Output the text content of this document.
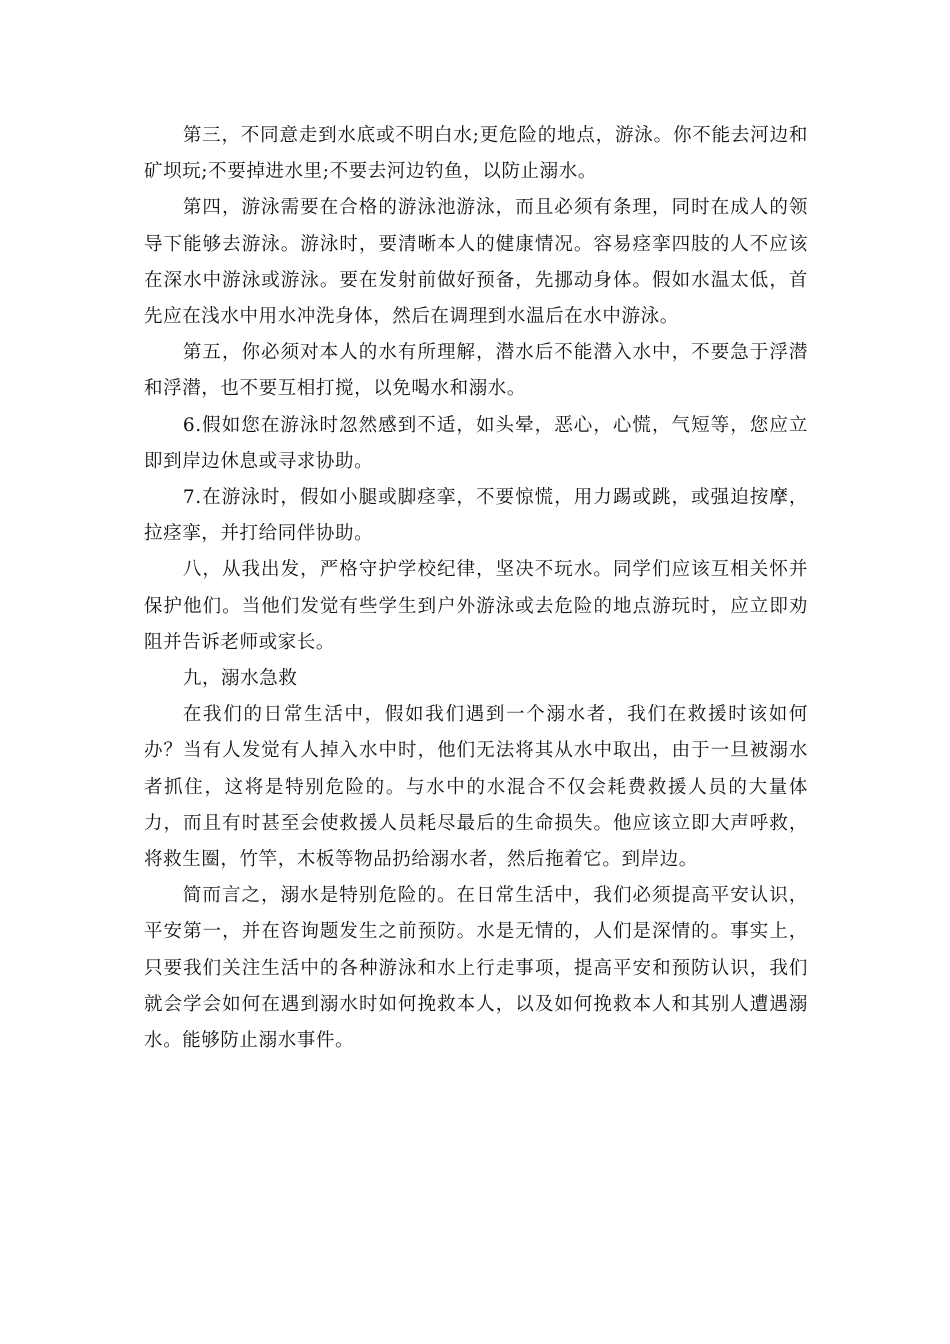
第三，不同意走到水底或不明白水;更危险的地点，游泳。你不能去河边和矿坝玩;不要掉进水里;不要去河边钓鱼，以防止溺水。

第四，游泳需要在合格的游泳池游泳，而且必须有条理，同时在成人的领导下能够去游泳。游泳时，要清晰本人的健康情况。容易痉挛四肢的人不应该在深水中游泳或游泳。要在发射前做好预备，先挪动身体。假如水温太低，首先应在浅水中用水冲洗身体，然后在调理到水温后在水中游泳。

第五，你必须对本人的水有所理解，潜水后不能潜入水中，不要急于浮潜和浮潜，也不要互相打搅，以免喝水和溺水。

6.假如您在游泳时忽然感到不适，如头晕，恶心，心慌，气短等，您应立即到岸边休息或寻求协助。

7.在游泳时，假如小腿或脚痉挛，不要惊慌，用力踢或跳，或强迫按摩，拉痉挛，并打给同伴协助。

八，从我出发，严格守护学校纪律，坚决不玩水。同学们应该互相关怀并保护他们。当他们发觉有些学生到户外游泳或去危险的地点游玩时，应立即劝阻并告诉老师或家长。

九，溺水急救

在我们的日常生活中，假如我们遇到一个溺水者，我们在救援时该如何办？当有人发觉有人掉入水中时，他们无法将其从水中取出，由于一旦被溺水者抓住，这将是特别危险的。与水中的水混合不仅会耗费救援人员的大量体力，而且有时甚至会使救援人员耗尽最后的生命损失。他应该立即大声呼救，将救生圈，竹竿，木板等物品扔给溺水者，然后拖着它。到岸边。

简而言之，溺水是特别危险的。在日常生活中，我们必须提高平安认识，平安第一，并在咨询题发生之前预防。水是无情的，人们是深情的。事实上，只要我们关注生活中的各种游泳和水上行走事项，提高平安和预防认识，我们就会学会如何在遇到溺水时如何挽救本人，以及如何挽救本人和其别人遭遇溺水。能够防止溺水事件。
